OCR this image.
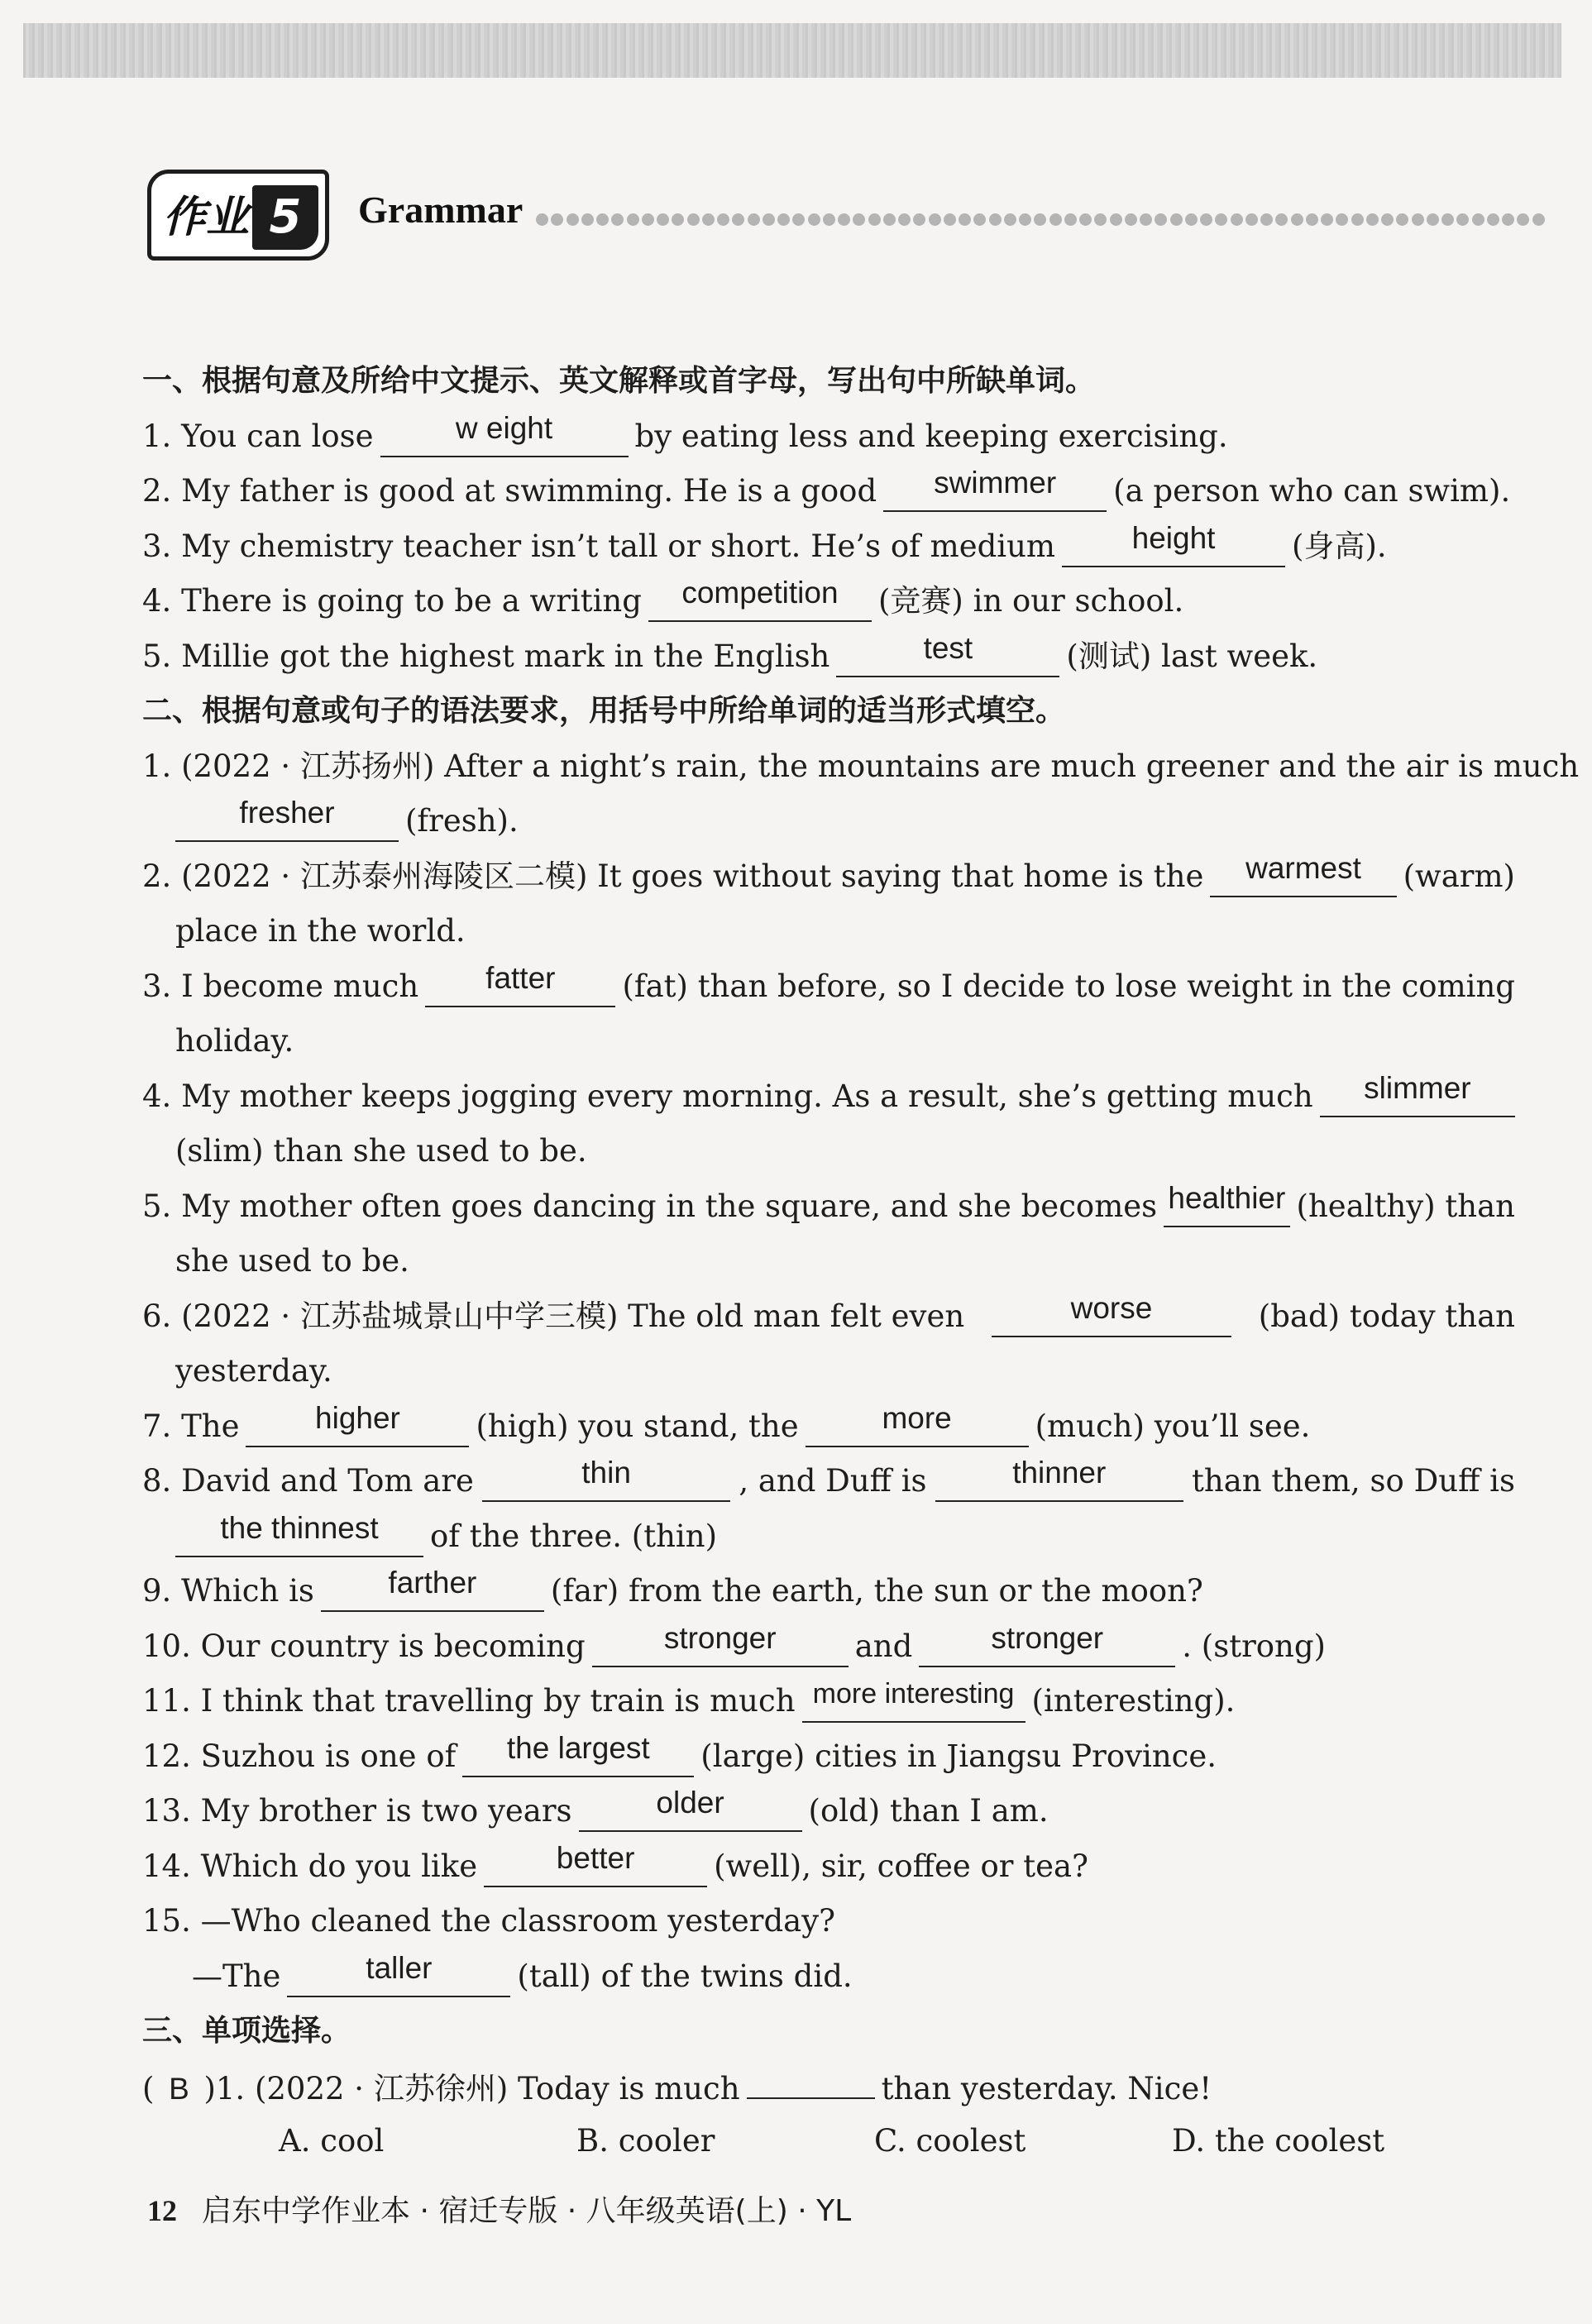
作业 5	Grammar
一、根据句意及所给中文提示、英文解释或首字母，写出句中所缺单词。
1. You can lose	w eight	by eating less and keeping exercising.
2. My father is good at swimming. He is a good swimmer (a person who can swim).
3. My chemistry teacher isn’t tall or short. He’s of medium	height	(身高).
4. There is going to be a writing competition (竞赛) in our school.
5. Millie got the highest mark in the English	test	(测试) last week.
二、根据句意或句子的语法要求，用括号中所给单词的适当形式填空。
1. (2022 · 江苏扬州) After a night’s rain, the mountains are much greener and the air is much
fresher (fresh).
2. (2022 · 江苏泰州海陵区二模) It goes without saying that home is the	warmest	(warm)
place in the world.
3. I become much	fatter	(fat) than before, so I decide to lose weight in the coming
holiday.
4. My mother keeps jogging every morning. As a result, she’s getting much	slimmer
(slim) than she used to be.
5. My mother often goes dancing in the square, and she becomes healthier (healthy) than
she used to be.
6. (2022 · 江苏盐城景山中学三模) The old man felt even	worse	(bad) today than
yesterday.
7. The higher (high) you stand, the	more	(much) you’ll see.
8. David and Tom are	thin	, and Duff is	thinner	than them, so Duff is
the thinnest of the three. (thin)
9. Which is farther (far) from the earth, the sun or the moon?
10. Our country is becoming	stronger	and	stronger	. (strong)
11. I think that travelling by train is much more interesting (interesting).
12. Suzhou is one of the largest (large) cities in Jiangsu Province.
13. My brother is two years	older	(old) than I am.
14. Which do you like	better	(well), sir, coffee or tea?
15. —Who cleaned the classroom yesterday?
—The	taller	(tall) of the twins did.
三、单项选择。
( B )1. (2022 · 江苏徐州) Today is much	than yesterday. Nice!
A. cool	B. cooler	C. coolest	D. the coolest
12 启东中学作业本 · 宿迁专版 · 八年级英语(上) · YL
